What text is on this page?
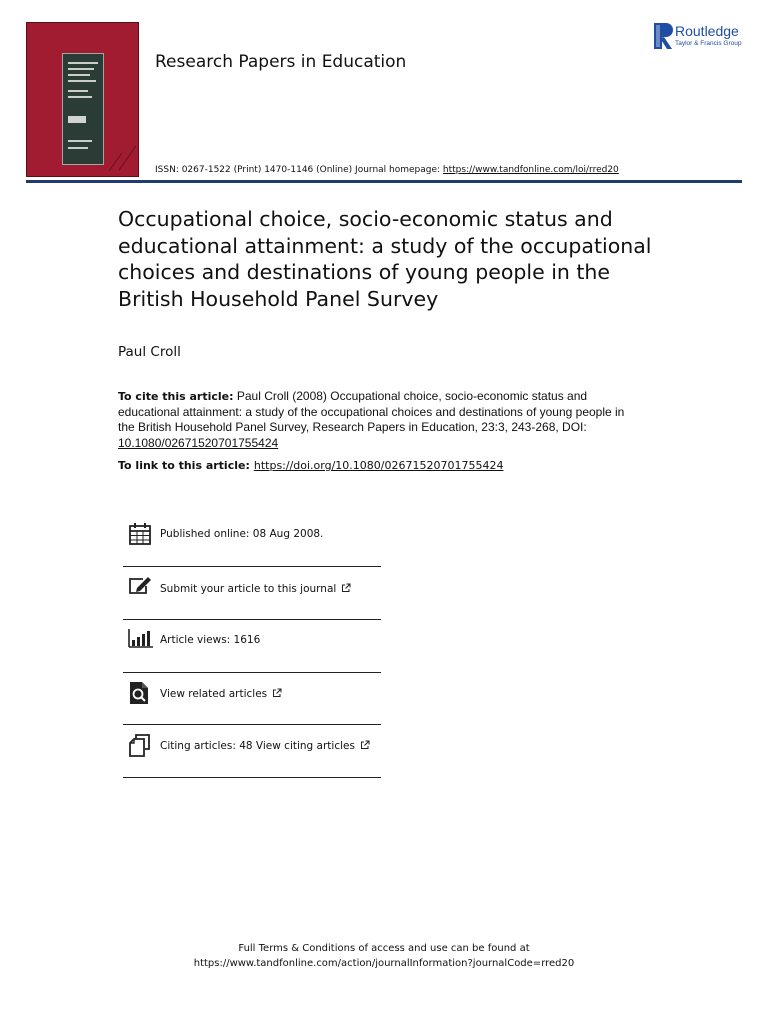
Research Papers in Education
Routledge
Taylor & Francis Group
ISSN: 0267-1522 (Print) 1470-1146 (Online) Journal homepage: https://www.tandfonline.com/loi/rred20
Occupational choice, socio-economic status and educational attainment: a study of the occupational choices and destinations of young people in the British Household Panel Survey
Paul Croll
To cite this article: Paul Croll (2008) Occupational choice, socio-economic status and educational attainment: a study of the occupational choices and destinations of young people in the British Household Panel Survey, Research Papers in Education, 23:3, 243-268, DOI: 10.1080/02671520701755424
To link to this article: https://doi.org/10.1080/02671520701755424
Published online: 08 Aug 2008.
Submit your article to this journal
Article views: 1616
View related articles
Citing articles: 48 View citing articles
Full Terms & Conditions of access and use can be found at
https://www.tandfonline.com/action/journalInformation?journalCode=rred20
